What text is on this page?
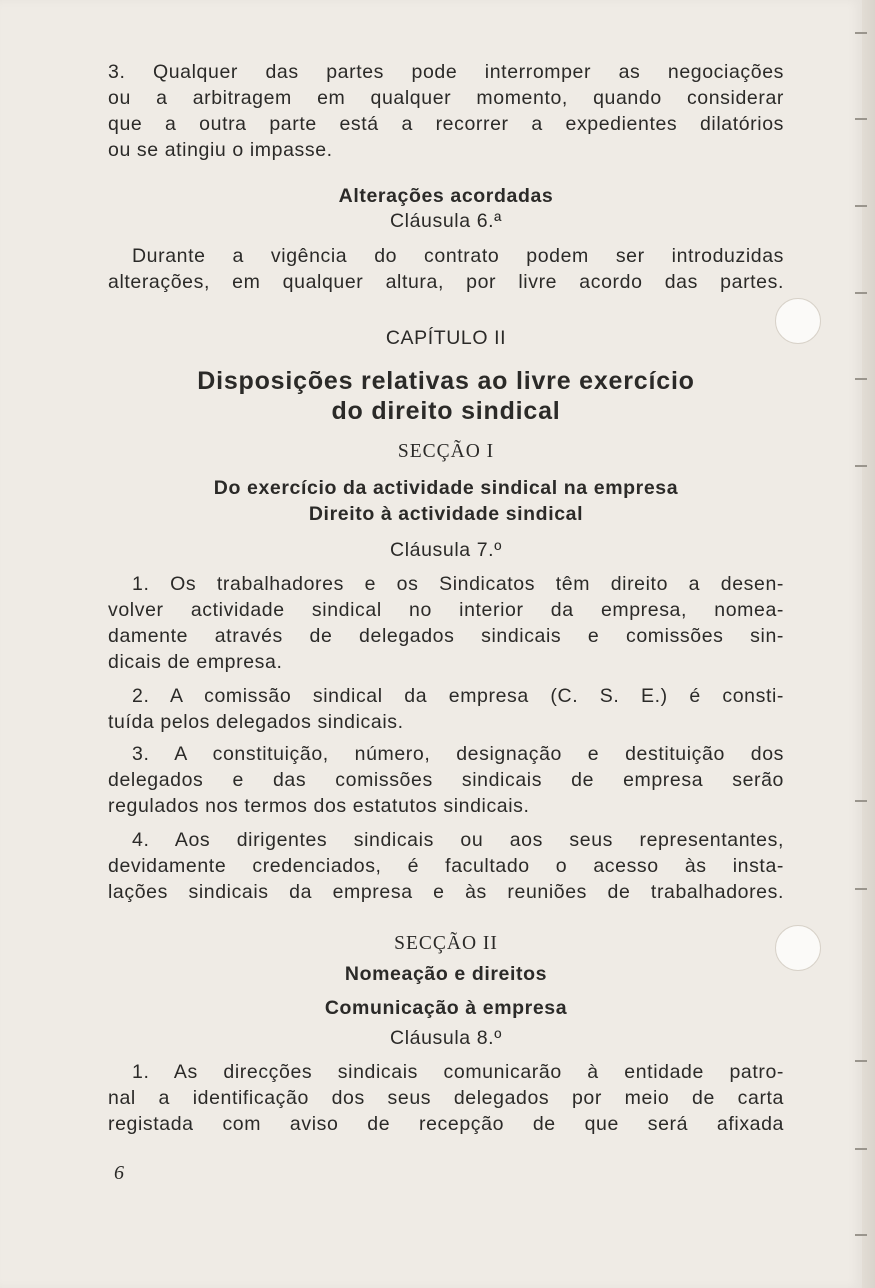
3. Qualquer das partes pode interromper as negociações
ou a arbitragem em qualquer momento, quando considerar
que a outra parte está a recorrer a expedientes dilatórios
ou se atingiu o impasse.
Alterações acordadas
Cláusula 6.ª
Durante a vigência do contrato podem ser introduzidas
alterações, em qualquer altura, por livre acordo das partes.
CAPÍTULO II
Disposições relativas ao livre exercício
do direito sindical
SECÇÃO I
Do exercício da actividade sindical na empresa
Direito à actividade sindical
Cláusula 7.º
1. Os trabalhadores e os Sindicatos têm direito a desen-
volver actividade sindical no interior da empresa, nomea-
damente através de delegados sindicais e comissões sin-
dicais de empresa.
2. A comissão sindical da empresa (C. S. E.) é consti-
tuída pelos delegados sindicais.
3. A constituição, número, designação e destituição dos
delegados e das comissões sindicais de empresa serão
regulados nos termos dos estatutos sindicais.
4. Aos dirigentes sindicais ou aos seus representantes,
devidamente credenciados, é facultado o acesso às insta-
lações sindicais da empresa e às reuniões de trabalhadores.
SECÇÃO II
Nomeação e direitos
Comunicação à empresa
Cláusula 8.º
1. As direcções sindicais comunicarão à entidade patro-
nal a identificação dos seus delegados por meio de carta
registada com aviso de recepção de que será afixada
6
